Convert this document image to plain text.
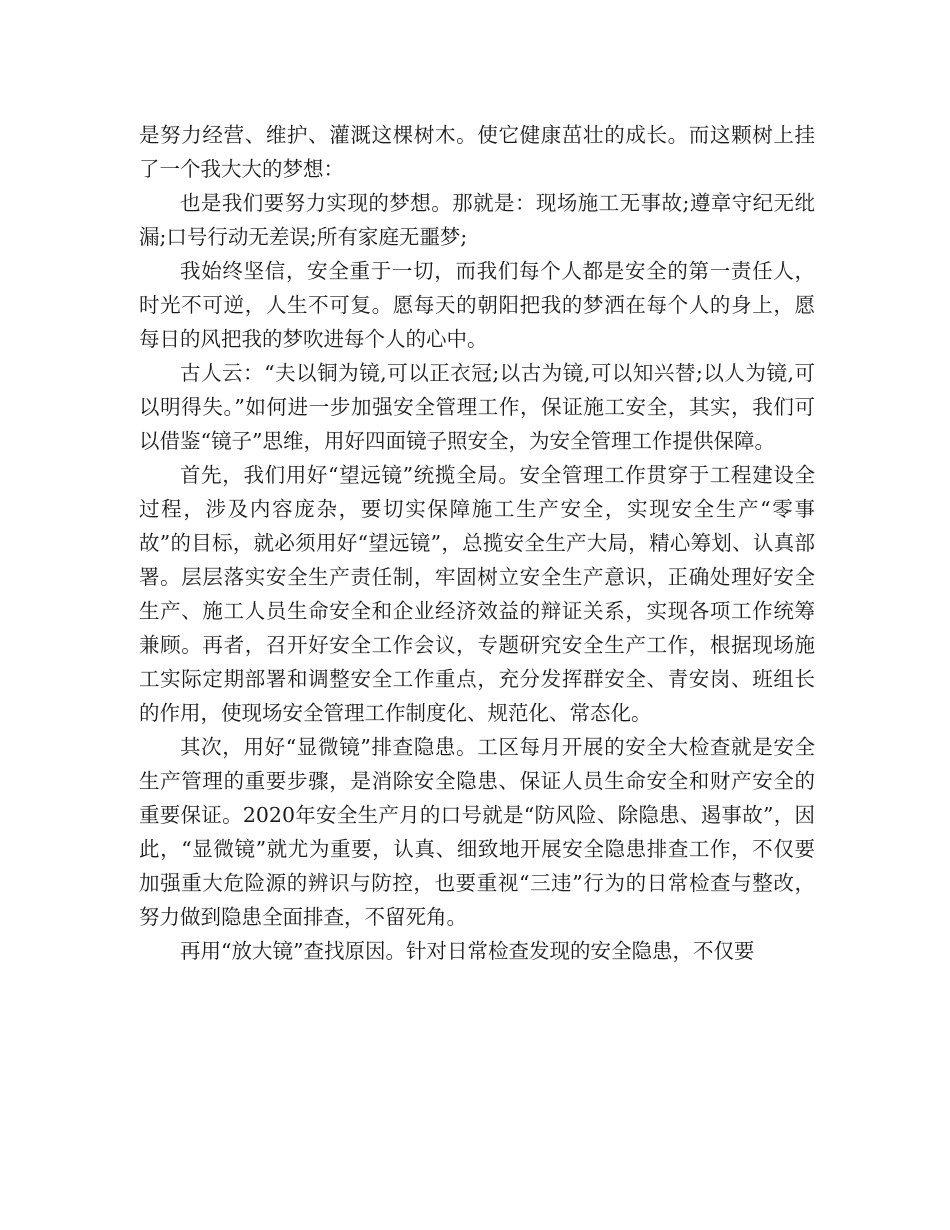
是努力经营、维护、灌溉这棵树木。使它健康茁壮的成长。而这颗树上挂了一个我大大的梦想：

也是我们要努力实现的梦想。那就是：现场施工无事故;遵章守纪无纰漏;口号行动无差误;所有家庭无噩梦;

我始终坚信，安全重于一切，而我们每个人都是安全的第一责任人，时光不可逆，人生不可复。愿每天的朝阳把我的梦洒在每个人的身上，愿每日的风把我的梦吹进每个人的心中。

古人云：“夫以铜为镜,可以正衣冠;以古为镜,可以知兴替;以人为镜,可以明得失。”如何进一步加强安全管理工作，保证施工安全，其实，我们可以借鉴“镜子”思维，用好四面镜子照安全，为安全管理工作提供保障。

首先，我们用好“望远镜”统揽全局。安全管理工作贯穿于工程建设全过程，涉及内容庞杂，要切实保障施工生产安全，实现安全生产“零事故”的目标，就必须用好“望远镜”，总揽安全生产大局，精心筹划、认真部署。层层落实安全生产责任制，牢固树立安全生产意识，正确处理好安全生产、施工人员生命安全和企业经济效益的辩证关系，实现各项工作统筹兼顾。再者，召开好安全工作会议，专题研究安全生产工作，根据现场施工实际定期部署和调整安全工作重点，充分发挥群安全、青安岗、班组长的作用，使现场安全管理工作制度化、规范化、常态化。

其次，用好“显微镜”排查隐患。工区每月开展的安全大检查就是安全生产管理的重要步骤，是消除安全隐患、保证人员生命安全和财产安全的重要保证。2020年安全生产月的口号就是“防风险、除隐患、遏事故”，因此，“显微镜”就尤为重要，认真、细致地开展安全隐患排查工作，不仅要加强重大危险源的辨识与防控，也要重视“三违”行为的日常检查与整改，努力做到隐患全面排查，不留死角。

再用“放大镜”查找原因。针对日常检查发现的安全隐患，不仅要
